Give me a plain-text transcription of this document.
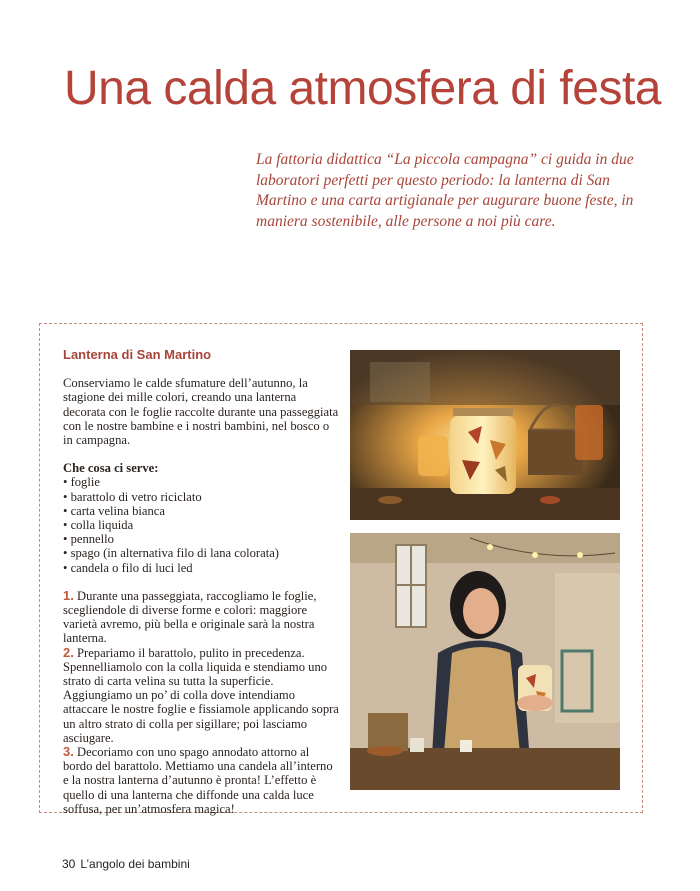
Una calda atmosfera di festa
La fattoria didattica “La piccola campagna” ci guida in due laboratori perfetti per questo periodo: la lanterna di San Martino e una carta artigianale per augurare buone feste, in maniera sostenibile, alle persone a noi più care.
Lanterna di San Martino

Conserviamo le calde sfumature dell’autunno, la stagione dei mille colori, creando una lanterna decorata con le foglie raccolte durante una passeggiata con le nostre bambine e i nostri bambini, nel bosco o in campagna.

Che cosa ci serve:

• foglie
• barattolo di vetro riciclato
• carta velina bianca
• colla liquida
• pennello
• spago (in alternativa filo di lana colorata)
• candela o filo di luci led

1. Durante una passeggiata, raccogliamo le foglie, scegliendole di diverse forme e colori: maggiore varietà avremo, più bella e originale sarà la nostra lanterna.

2. Prepariamo il barattolo, pulito in precedenza. Spennelliamolo con la colla liquida e stendiamo uno strato di carta velina su tutta la superficie. Aggiungiamo un po’ di colla dove intendiamo attaccare le nostre foglie e fissiamole applicando sopra un altro strato di colla per sigillare; poi lasciamo asciugare.

3. Decoriamo con uno spago annodato attorno al bordo del barattolo. Mettiamo una candela all’interno e la nostra lanterna d’autunno è pronta! L’effetto è quello di una lanterna che diffonde una calda luce soffusa, per un’atmosfera magica!

30 L’angolo dei bambini
